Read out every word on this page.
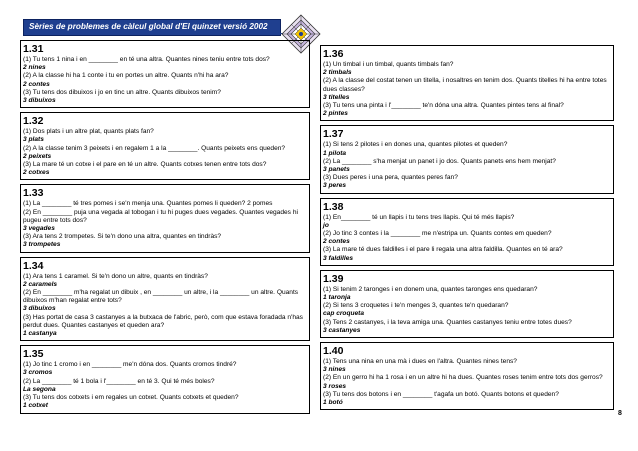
Sèries de problemes de càlcul global d'El quinzet versió 2002
1.31

(1) Tu tens 1 nina i en ________ en té una altra. Quantes nines teniu entre tots dos?

2 nines

(2) A la classe hi ha 1 conte i tu en portes un altre. Quants n'hi ha ara?

2 contes

(3) Tu tens dos dibuixos i jo en tinc un altre. Quants dibuixos tenim?

3 dibuixos

1.32

(1) Dos plats i un altre plat, quants plats fan?

3 plats

(2) A la classe tenim 3 peixets i en regalem 1 a la ________. Quants peixets ens queden?

2 peixets

(3) La mare té un cotxe i el pare en té un altre. Quants cotxes tenen entre tots dos?

2 cotxes

1.33

(1) La ________ té tres pomes i se'n menja una. Quantes pomes li queden? 2 pomes

(2) En ________ puja una vegada al tobogan i tu hi puges dues vegades. Quantes vegades hi pugeu entre tots dos?

3 vegades

(3) Ara tens 2 trompetes. Si te'n dono una altra, quantes en tindràs?

3 trompetes

1.34

(1) Ara tens 1 caramel. Si te'n dono un altre, quants en tindràs?

2 caramels

(2) En ________ m'ha regalat un dibuix , en ________ un altre, i la ________ un altre. Quants dibuixos m'han regalat entre tots?

3 dibuixos

(3) Has portat de casa 3 castanyes a la butxaca de l'abric, però, com que estava foradada n'has perdut dues. Quantes castanyes et queden ara?

1 castanya

1.35

(1) Jo tinc 1 cromo i en ________ me'n dóna dos. Quants cromos tindré?

3 cromos

(2) La ________ té 1 bola i l'________ en té 3. Qui té més boles?

La segona

(3) Tu tens dos cotxets i em regales un cotxet. Quants cotxets et queden?

1 cotxet

1.36

(1) Un timbal i un timbal, quants timbals fan?

2 timbals

(2) A la classe del costat tenen un titella, i nosaltres en tenim dos. Quants titelles hi ha entre totes dues classes?

3 titelles

(3) Tu tens una pinta i l'________ te'n dóna una altra. Quantes pintes tens al final?

2 pintes

1.37

(1) Si tens 2 pilotes i en dones una, quantes pilotes et queden?

1 pilota

(2) La ________ s'ha menjat un panet i jo dos. Quants panets ens hem menjat?

3 panets

(3) Dues peres i una pera, quantes peres fan?

3 peres

1.38

(1) En________ té un llapis i tu tens tres llapis. Qui té més llapis?

jo

(2) Jo tinc 3 contes i la ________ me n'estripa un. Quants contes em queden?

2 contes

(3) La mare té dues faldilles i el pare li regala una altra faldilla. Quantes en té ara?

3 faldilles

1.39

(1) Si tenim 2 taronges i en donem una, quantes taronges ens quedaran?

1 taronja

(2) Si tens 3 croquetes i te'n menges 3, quantes te'n quedaran?

cap croqueta

(3) Tens 2 castanyes, i la teva amiga una. Quantes castanyes teniu entre totes dues?

3 castanyes

1.40

(1) Tens una nina en una mà i dues en l'altra. Quantes nines tens?

3 nines

(2) En un gerro hi ha 1 rosa i en un altre hi ha dues. Quantes roses tenim entre tots dos gerros?

3 roses

(3) Tu tens dos botons i en ________ t'agafa un botó. Quants botons et queden?

1 botó

8
